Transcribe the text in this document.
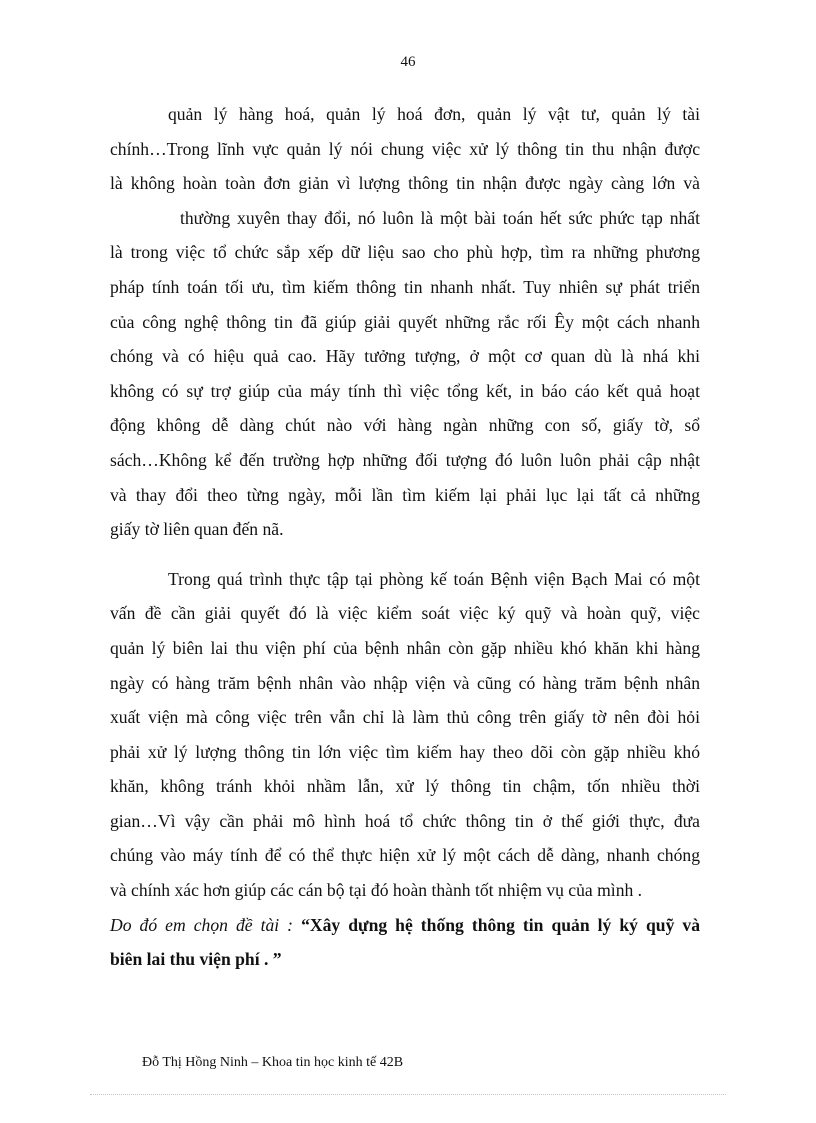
46
quản lý hàng hoá, quản lý hoá đơn, quản lý vật tư, quản lý tài
chính…Trong lĩnh vực quản lý nói chung việc xử lý thông tin thu nhận được
là không hoàn toàn đơn giản vì lượng thông tin nhận được ngày càng lớn và
thường xuyên thay đổi, nó luôn là một bài toán hết sức phức tạp nhất
là trong việc tổ chức sắp xếp dữ liệu sao cho phù hợp, tìm ra những phương
pháp tính toán tối ưu, tìm kiếm thông tin nhanh nhất. Tuy nhiên sự phát triển
của công nghệ thông tin đã giúp giải quyết những rắc rối Êy một cách nhanh
chóng và có hiệu quả cao. Hãy tưởng tượng, ở một cơ quan dù là nhá khi
không có sự trợ giúp của máy tính thì việc tổng kết, in báo cáo kết quả hoạt
động không dễ dàng chút nào với hàng ngàn những con số, giấy tờ, sổ
sách…Không kể đến trường hợp những đối tượng đó luôn luôn phải cập nhật
và thay đổi theo từng ngày, mỗi lần tìm kiếm lại phải lục lại tất cả những
giấy tờ liên quan đến nã.
Trong quá trình thực tập tại phòng kế toán Bệnh viện Bạch Mai có một
vấn đề cần giải quyết đó là việc kiểm soát việc ký quỹ và hoàn quỹ, việc
quản lý biên lai thu viện phí của bệnh nhân còn gặp nhiều khó khăn khi hàng
ngày có hàng trăm bệnh nhân vào nhập viện và cũng có hàng trăm bệnh nhân
xuất viện mà công việc trên vẫn chỉ là làm thủ công trên giấy tờ nên đòi hỏi
phải xử lý lượng thông tin lớn việc tìm kiếm hay theo dõi còn gặp nhiều khó
khăn, không tránh khỏi nhầm lẫn, xử lý thông tin chậm, tốn nhiều thời
gian…Vì vậy cần phải mô hình hoá tổ chức thông tin ở thế giới thực, đưa
chúng vào máy tính để có thể thực hiện xử lý một cách dễ dàng, nhanh chóng
và chính xác hơn giúp các cán bộ tại đó hoàn thành tốt nhiệm vụ của mình .
Do đó em chọn đề tài : “Xây dựng hệ thống thông tin quản lý ký quỹ và
biên lai thu viện phí . ”
Đỗ Thị Hồng Ninh – Khoa tin học kinh tế 42B
